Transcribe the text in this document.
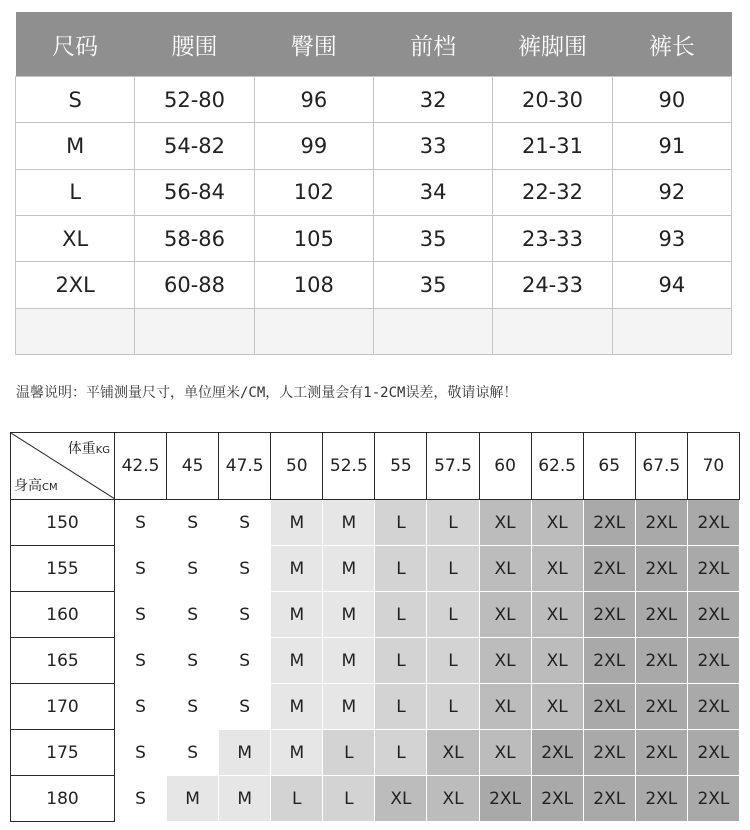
尺码	腰围	臀围	前档	裤脚围	裤长
S	52-80	96	32	20-30	90
M	54-82	99	33	21-31	91
L	56-84	102	34	22-32	92
XL	58-86	105	35	23-33	93
2XL	60-88	108	35	24-33	94

温馨说明：平铺测量尺寸，单位厘米/CM，人工测量会有1-2CM误差，敬请谅解！
体重KG
身高CM	42.5	45	47.5	50	52.5	55	57.5	60	62.5	65	67.5	70
150	S	S	S	M	M	L	L	XL	XL	2XL	2XL	2XL
155	S	S	S	M	M	L	L	XL	XL	2XL	2XL	2XL
160	S	S	S	M	M	L	L	XL	XL	2XL	2XL	2XL
165	S	S	S	M	M	L	L	XL	XL	2XL	2XL	2XL
170	S	S	S	M	M	L	L	XL	XL	2XL	2XL	2XL
175	S	S	M	M	L	L	XL	XL	2XL	2XL	2XL	2XL
180	S	M	M	L	L	XL	XL	2XL	2XL	2XL	2XL	2XL
